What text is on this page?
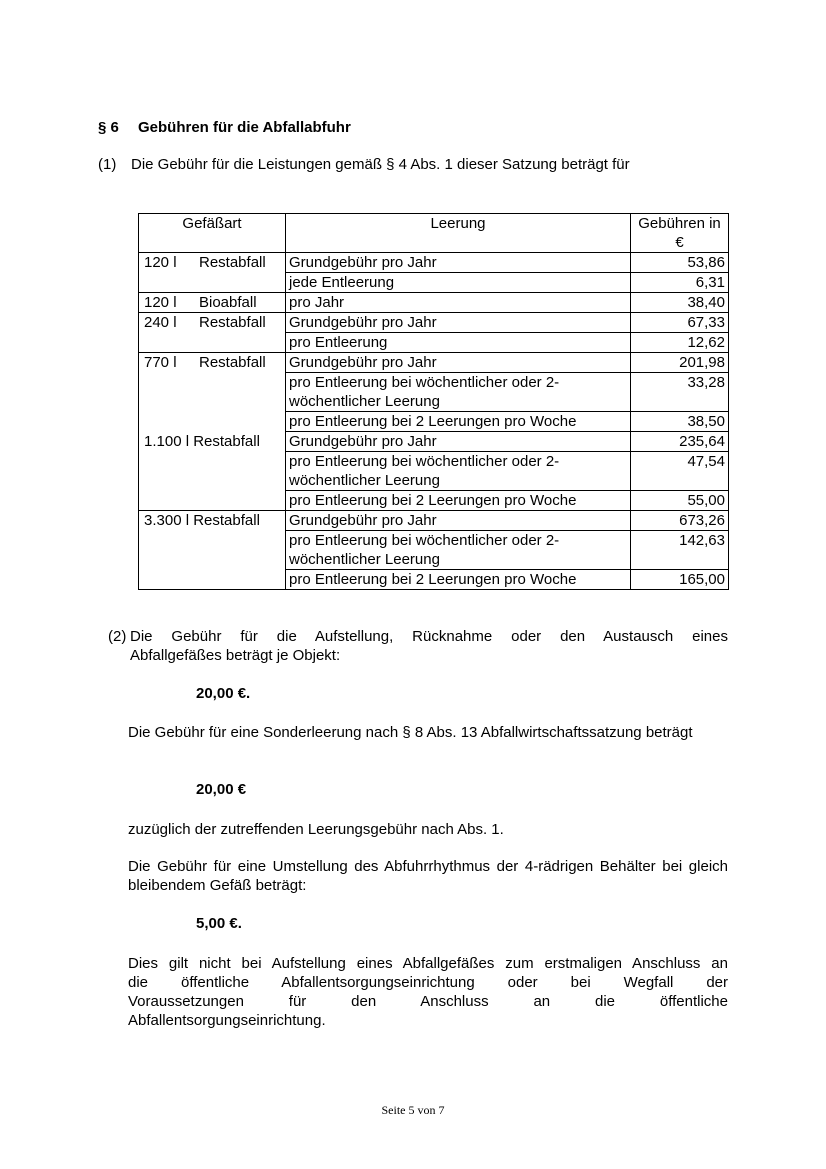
§ 6 Gebühren für die Abfallabfuhr
(1) Die Gebühr für die Leistungen gemäß § 4 Abs. 1 dieser Satzung beträgt für
Gefäßart	Leerung	Gebühren in €
120 l Restabfall	Grundgebühr pro Jahr	53,86
	jede Entleerung	6,31
120 l Bioabfall	pro Jahr	38,40
240 l Restabfall	Grundgebühr pro Jahr	67,33
	pro Entleerung	12,62
770 l Restabfall	Grundgebühr pro Jahr	201,98
	pro Entleerung bei wöchentlicher oder 2-wöchentlicher Leerung	33,28
	pro Entleerung bei 2 Leerungen pro Woche	38,50
1.100 l Restabfall	Grundgebühr pro Jahr	235,64
	pro Entleerung bei wöchentlicher oder 2-wöchentlicher Leerung	47,54
	pro Entleerung bei 2 Leerungen pro Woche	55,00
3.300 l Restabfall	Grundgebühr pro Jahr	673,26
	pro Entleerung bei wöchentlicher oder 2-wöchentlicher Leerung	142,63
	pro Entleerung bei 2 Leerungen pro Woche	165,00
(2) Die Gebühr für die Aufstellung, Rücknahme oder den Austausch eines
Abfallgefäßes beträgt je Objekt:
20,00 €.
Die Gebühr für eine Sonderleerung nach § 8 Abs. 13 Abfallwirtschaftssatzung beträgt
20,00 €
zuzüglich der zutreffenden Leerungsgebühr nach Abs. 1.
Die Gebühr für eine Umstellung des Abfuhrrhythmus der 4-rädrigen Behälter bei gleich bleibendem Gefäß beträgt:
5,00 €.
Dies gilt nicht bei Aufstellung eines Abfallgefäßes zum erstmaligen Anschluss an
die öffentliche Abfallentsorgungseinrichtung oder bei Wegfall der
Voraussetzungen für den Anschluss an die öffentliche
Abfallentsorgungseinrichtung.
Seite 5 von 7
